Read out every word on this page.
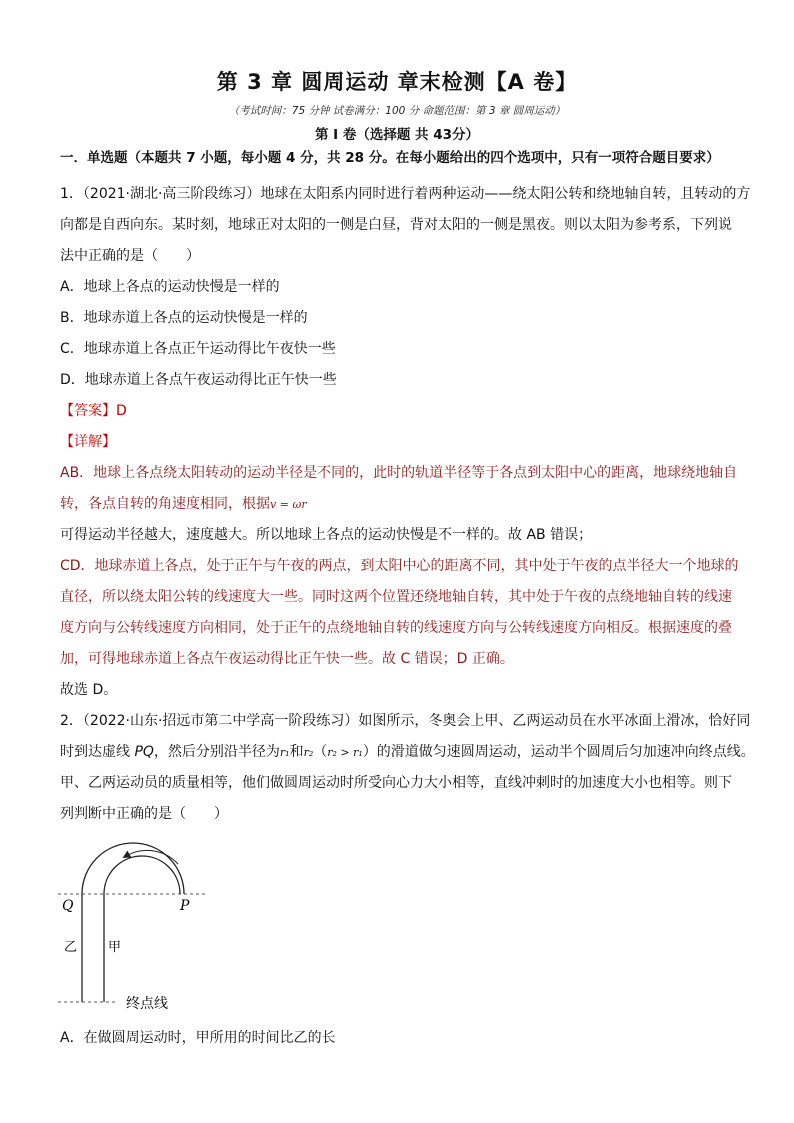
第 3 章 圆周运动 章末检测【A 卷】
（考试时间：75 分钟 试卷满分：100 分 命题范围：第 3 章 圆周运动）
第 I 卷（选择题 共 43分）
一．单选题（本题共 7 小题，每小题 4 分，共 28 分。在每小题给出的四个选项中，只有一项符合题目要求）
1．（2021·湖北·高三阶段练习）地球在太阳系内同时进行着两种运动——绕太阳公转和绕地轴自转，且转动的方
向都是自西向东。某时刻，地球正对太阳的一侧是白昼，背对太阳的一侧是黑夜。则以太阳为参考系，下列说
法中正确的是（　　）
A．地球上各点的运动快慢是一样的
B．地球赤道上各点的运动快慢是一样的
C．地球赤道上各点正午运动得比午夜快一些
D．地球赤道上各点午夜运动得比正午快一些
【答案】D
【详解】
AB．地球上各点绕太阳转动的运动半径是不同的，此时的轨道半径等于各点到太阳中心的距离，地球绕地轴自
转，各点自转的角速度相同，根据v = ωr
可得运动半径越大，速度越大。所以地球上各点的运动快慢是不一样的。故 AB 错误；
CD．地球赤道上各点，处于正午与午夜的两点，到太阳中心的距离不同，其中处于午夜的点半径大一个地球的
直径，所以绕太阳公转的线速度大一些。同时这两个位置还绕地轴自转，其中处于午夜的点绕地轴自转的线速
度方向与公转线速度方向相同，处于正午的点绕地轴自转的线速度方向与公转线速度方向相反。根据速度的叠
加，可得地球赤道上各点午夜运动得比正午快一些。故 C 错误；D 正确。
故选 D。
2．（2022·山东·招远市第二中学高一阶段练习）如图所示，冬奥会上甲、乙两运动员在水平冰面上滑冰，恰好同
时到达虚线 PQ，然后分别沿半径为r₁和r₂（r₂ > r₁）的滑道做匀速圆周运动，运动半个圆周后匀加速冲向终点线。
甲、乙两运动员的质量相等，他们做圆周运动时所受向心力大小相等，直线冲刺时的加速度大小也相等。则下
列判断中正确的是（　　）
Q	P
乙 甲
终点线
A．在做圆周运动时，甲所用的时间比乙的长
